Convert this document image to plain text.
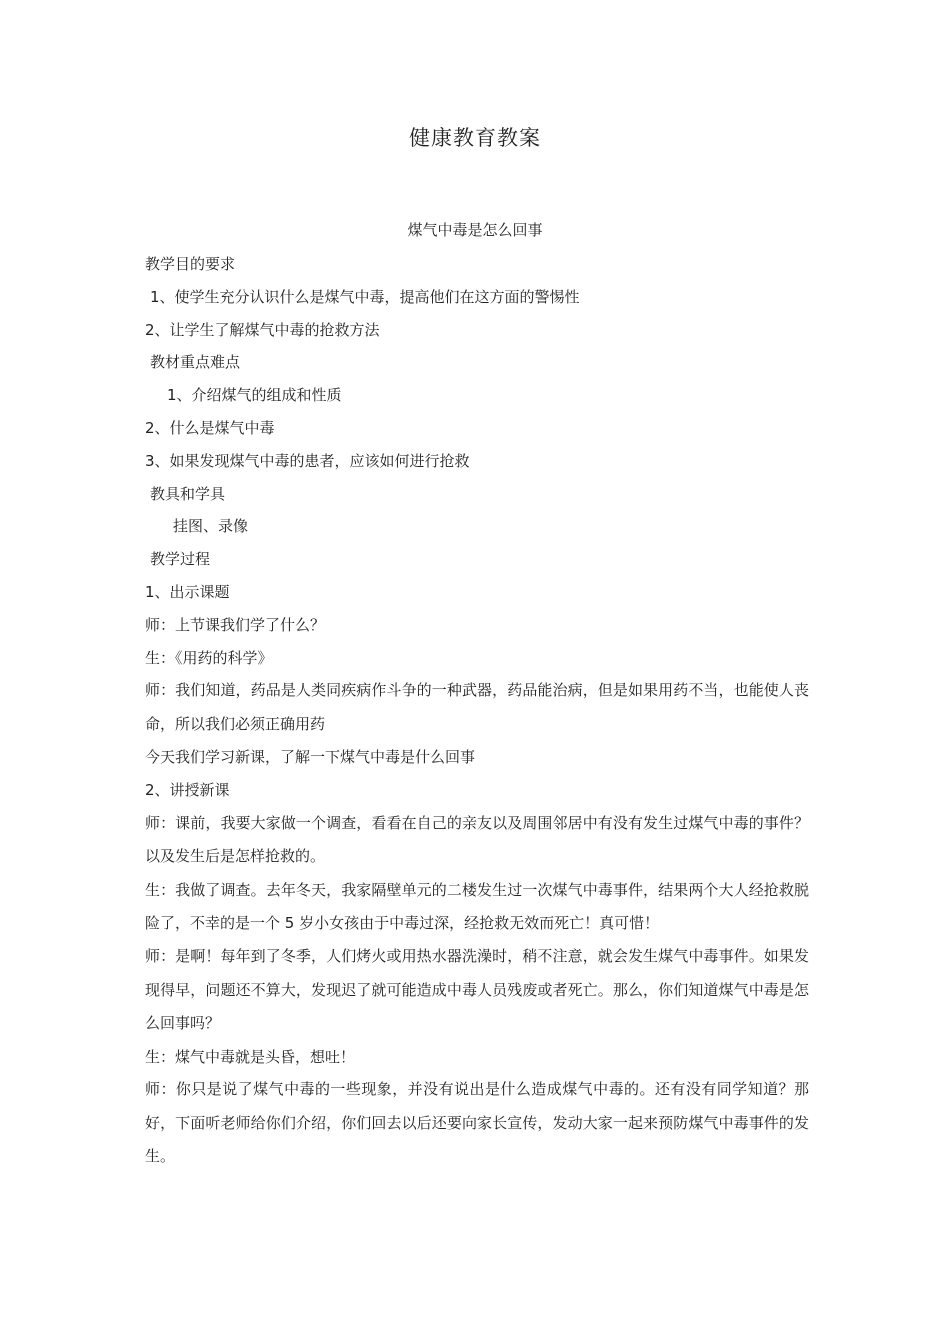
健康教育教案
煤气中毒是怎么回事
教学目的要求
1、使学生充分认识什么是煤气中毒，提高他们在这方面的警惕性
2、让学生了解煤气中毒的抢救方法
教材重点难点
1、介绍煤气的组成和性质
2、什么是煤气中毒
3、如果发现煤气中毒的患者，应该如何进行抢救
教具和学具
挂图、录像
教学过程
1、出示课题
师：上节课我们学了什么？
生：《用药的科学》

师：我们知道，药品是人类同疾病作斗争的一种武器，药品能治病，但是如果用药不当，也能使人丧命，所以我们必须正确用药

今天我们学习新课，了解一下煤气中毒是什么回事
2、讲授新课

师：课前，我要大家做一个调查，看看在自己的亲友以及周围邻居中有没有发生过煤气中毒的事件？以及发生后是怎样抢救的。

生：我做了调查。去年冬天，我家隔壁单元的二楼发生过一次煤气中毒事件，结果两个大人经抢救脱险了，不幸的是一个 5 岁小女孩由于中毒过深，经抢救无效而死亡！真可惜！

师：是啊！每年到了冬季，人们烤火或用热水器洗澡时，稍不注意，就会发生煤气中毒事件。如果发现得早，问题还不算大，发现迟了就可能造成中毒人员残废或者死亡。那么，你们知道煤气中毒是怎么回事吗？

生：煤气中毒就是头昏，想吐！

师：你只是说了煤气中毒的一些现象，并没有说出是什么造成煤气中毒的。还有没有同学知道？那好，下面听老师给你们介绍，你们回去以后还要向家长宣传，发动大家一起来预防煤气中毒事件的发生。
